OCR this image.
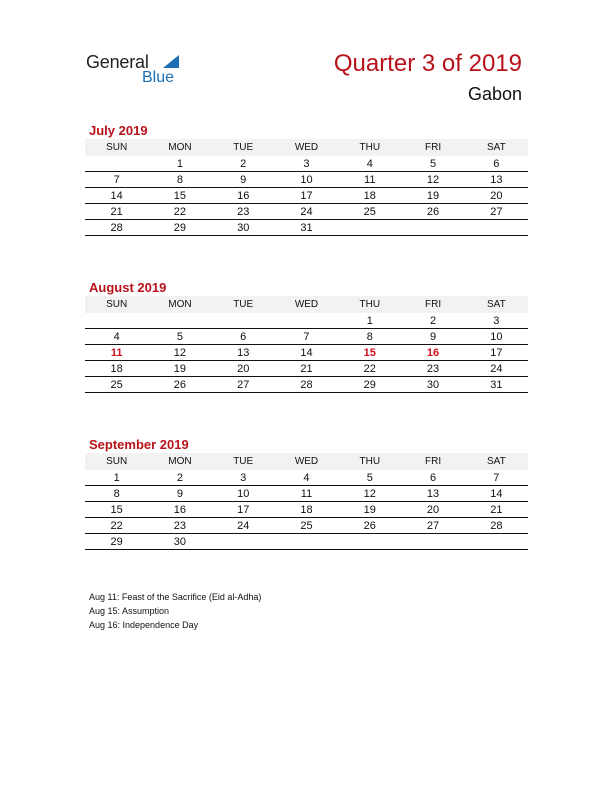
General
Blue
Quarter 3 of 2019
Gabon
July 2019
SUN	MON	TUE	WED	THU	FRI	SAT
	1	2	3	4	5	6
7	8	9	10	11	12	13
14	15	16	17	18	19	20
21	22	23	24	25	26	27
28	29	30	31			
August 2019
SUN	MON	TUE	WED	THU	FRI	SAT
				1	2	3
4	5	6	7	8	9	10
11	12	13	14	15	16	17
18	19	20	21	22	23	24
25	26	27	28	29	30	31
September 2019
SUN	MON	TUE	WED	THU	FRI	SAT
1	2	3	4	5	6	7
8	9	10	11	12	13	14
15	16	17	18	19	20	21
22	23	24	25	26	27	28
29	30					
Aug 11: Feast of the Sacrifice (Eid al-Adha)
Aug 15: Assumption
Aug 16: Independence Day
